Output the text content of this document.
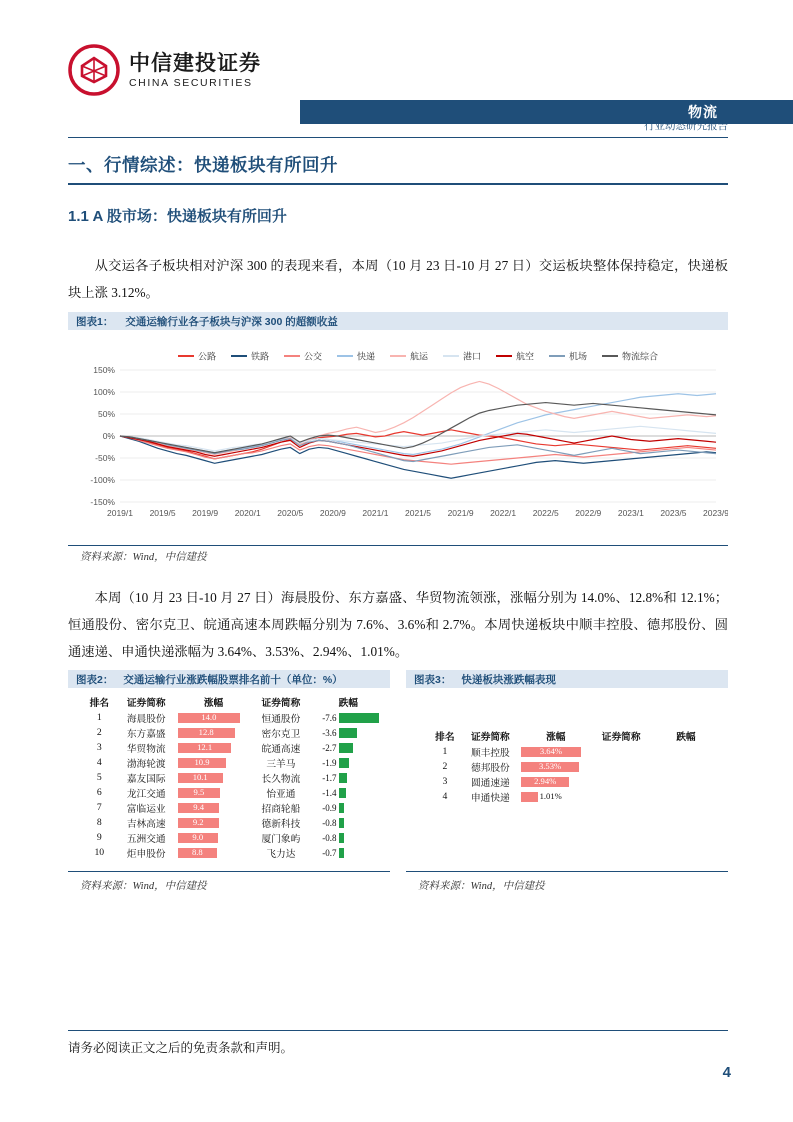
中信建投证券
CHINA SECURITIES
物流
行业动态研究报告
一、行情综述：快递板块有所回升
1.1 A 股市场：快递板块有所回升
从交运各子板块相对沪深 300 的表现来看，本周（10 月 23 日-10 月 27 日）交运板块整体保持稳定，快递板块上涨 3.12%。
图表1：	交通运输行业各子板块与沪深 300 的超额收益
150%
100%
50%
0%
-50%
-100%
-150%
2019/1 2019/5 2019/9 2020/1 2020/5 2020/9 2021/1 2021/5 2021/9 2022/1 2022/5 2022/9 2023/1 2023/5 2023/9
公路	铁路	公交	快递	航运	港口	航空	机场	物流综合
资料来源：Wind，中信建投
本周（10 月 23 日-10 月 27 日）海晨股份、东方嘉盛、华贸物流领涨，涨幅分别为 14.0%、12.8%和 12.1%；恒通股份、密尔克卫、皖通高速本周跌幅分别为 7.6%、3.6%和 2.7%。本周快递板块中顺丰控股、德邦股份、圆通速递、申通快递涨幅为 3.64%、3.53%、2.94%、1.01%。
图表2： 交通运输行业涨跌幅股票排名前十（单位：%）	图表3： 快递板块涨跌幅表现
排名	证券简称	涨幅	证券简称	跌幅
1	海晨股份	14.0	恒通股份	-7.6

2	东方嘉盛	12.8	密尔克卫	-3.6

3	华贸物流	12.1	皖通高速	-2.7

4	渤海轮渡	10.9	三羊马	-1.9

5	嘉友国际	10.1	长久物流	-1.7

6	龙江交通	9.5	怡亚通	-1.4

7	富临运业	9.4	招商轮船	-0.9

8	吉林高速	9.2	德新科技	-0.8

9	五洲交通	9.0	厦门象屿	-0.8

10	炬申股份	8.8	飞力达	-0.7
排名	证券简称	涨幅	证券简称	跌幅
1	顺丰控股	3.64%		

2	德邦股份	3.53%		

3	圆通速递	2.94%		

4	申通快递	1.01%		

资料来源：Wind，中信建投	资料来源：Wind，中信建投
请务必阅读正文之后的免责条款和声明。
4
